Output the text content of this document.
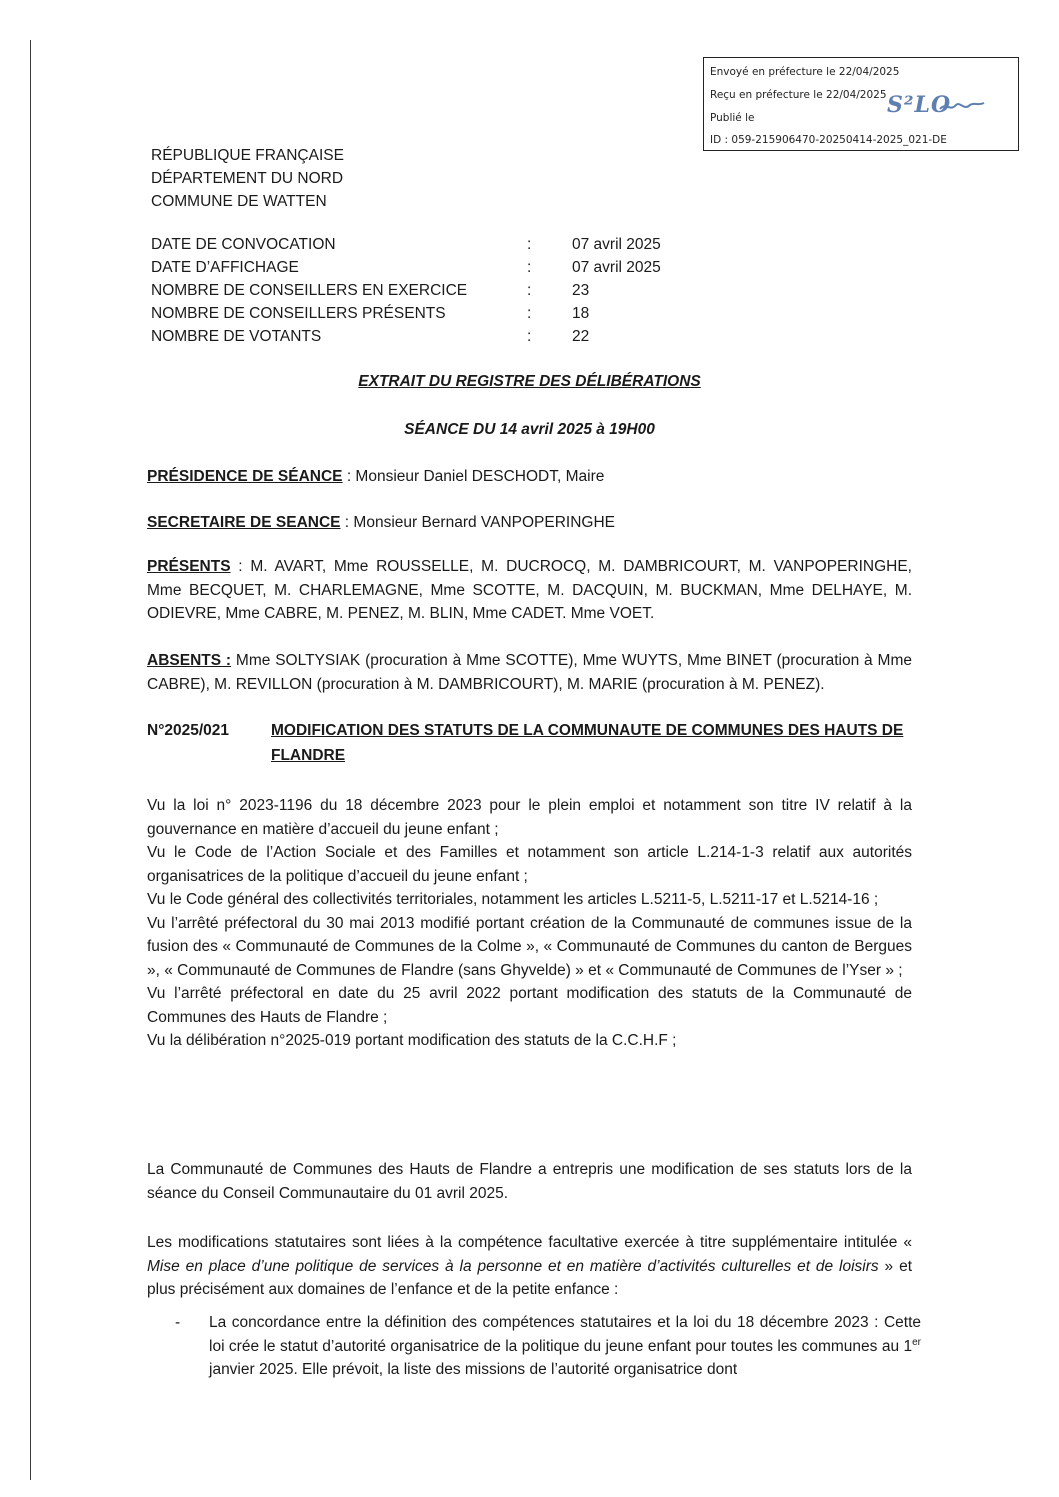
Envoyé en préfecture le 22/04/2025
Reçu en préfecture le 22/04/2025
Publié le
ID : 059-215906470-20250414-2025_021-DE
S²LO
RÉPUBLIQUE FRANÇAISE
DÉPARTEMENT DU NORD
COMMUNE DE WATTEN
DATE DE CONVOCATION	:	07 avril 2025
DATE D’AFFICHAGE	:	07 avril 2025
NOMBRE DE CONSEILLERS EN EXERCICE	:	23
NOMBRE DE CONSEILLERS PRÉSENTS	:	18
NOMBRE DE VOTANTS	:	22
EXTRAIT DU REGISTRE DES DÉLIBÉRATIONS
SÉANCE DU 14 avril 2025 à 19H00
PRÉSIDENCE DE SÉANCE : Monsieur Daniel DESCHODT, Maire
SECRETAIRE DE SEANCE : Monsieur Bernard VANPOPERINGHE
PRÉSENTS : M. AVART, Mme ROUSSELLE, M. DUCROCQ, M. DAMBRICOURT, M. VANPOPERINGHE, Mme BECQUET, M. CHARLEMAGNE, Mme SCOTTE, M. DACQUIN, M. BUCKMAN, Mme DELHAYE, M. ODIEVRE, Mme CABRE, M. PENEZ, M. BLIN, Mme CADET. Mme VOET.
ABSENTS : Mme SOLTYSIAK (procuration à Mme SCOTTE), Mme WUYTS, Mme BINET (procuration à Mme CABRE), M. REVILLON (procuration à M. DAMBRICOURT), M. MARIE (procuration à M. PENEZ).
N°2025/021	MODIFICATION DES STATUTS DE LA COMMUNAUTE DE COMMUNES DES HAUTS DE FLANDRE
Vu la loi n° 2023-1196 du 18 décembre 2023 pour le plein emploi et notamment son titre IV relatif à la gouvernance en matière d’accueil du jeune enfant ;
Vu le Code de l’Action Sociale et des Familles et notamment son article L.214-1-3 relatif aux autorités organisatrices de la politique d’accueil du jeune enfant ;
Vu le Code général des collectivités territoriales, notamment les articles L.5211-5, L.5211-17 et L.5214-16 ;
Vu l’arrêté préfectoral du 30 mai 2013 modifié portant création de la Communauté de communes issue de la fusion des « Communauté de Communes de la Colme », « Communauté de Communes du canton de Bergues », « Communauté de Communes de Flandre (sans Ghyvelde) » et « Communauté de Communes de l’Yser » ;
Vu l’arrêté préfectoral en date du 25 avril 2022 portant modification des statuts de la Communauté de Communes des Hauts de Flandre ;
Vu la délibération n°2025-019 portant modification des statuts de la C.C.H.F ;
La Communauté de Communes des Hauts de Flandre a entrepris une modification de ses statuts lors de la séance du Conseil Communautaire du 01 avril 2025.
Les modifications statutaires sont liées à la compétence facultative exercée à titre supplémentaire intitulée « Mise en place d’une politique de services à la personne et en matière d’activités culturelles et de loisirs » et plus précisément aux domaines de l’enfance et de la petite enfance :
-	La concordance entre la définition des compétences statutaires et la loi du 18 décembre 2023 : Cette loi crée le statut d’autorité organisatrice de la politique du jeune enfant pour toutes les communes au 1er janvier 2025. Elle prévoit, la liste des missions de l’autorité organisatrice dont
